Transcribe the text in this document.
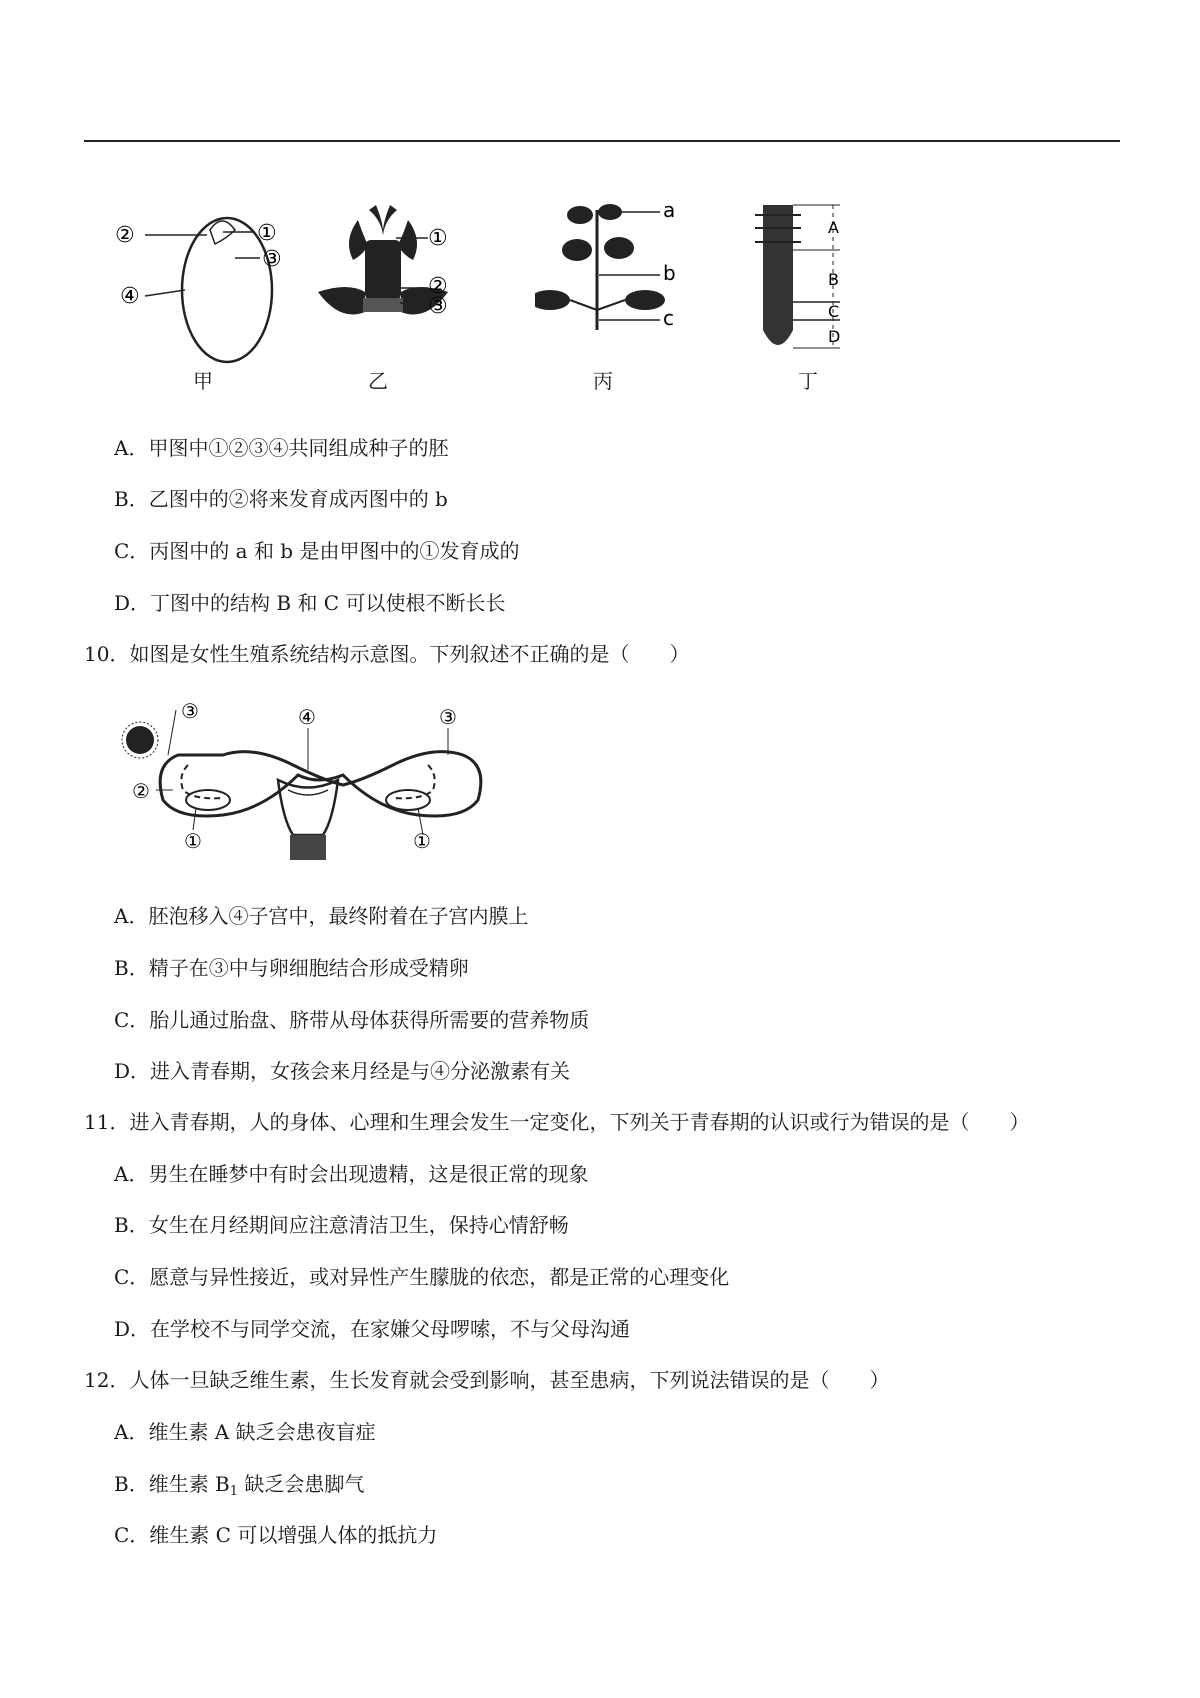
②	①
③
④
甲
①
②
③
乙
a
b
c
丙
A
B
C
D
丁
A．甲图中①②③④共同组成种子的胚
B．乙图中的②将来发育成丙图中的 b
C．丙图中的 a 和 b 是由甲图中的①发育成的
D．丁图中的结构 B 和 C 可以使根不断长长
10．如图是女性生殖系统结构示意图。下列叙述不正确的是（　　）
③	④	③
②
①	①
A．胚泡移入④子宫中，最终附着在子宫内膜上
B．精子在③中与卵细胞结合形成受精卵
C．胎儿通过胎盘、脐带从母体获得所需要的营养物质
D．进入青春期，女孩会来月经是与④分泌激素有关
11．进入青春期，人的身体、心理和生理会发生一定变化，下列关于青春期的认识或行为错误的是（　　）
A．男生在睡梦中有时会出现遗精，这是很正常的现象
B．女生在月经期间应注意清洁卫生，保持心情舒畅
C．愿意与异性接近，或对异性产生朦胧的依恋，都是正常的心理变化
D．在学校不与同学交流，在家嫌父母啰嗦，不与父母沟通
12．人体一旦缺乏维生素，生长发育就会受到影响，甚至患病，下列说法错误的是（　　）
A．维生素 A 缺乏会患夜盲症
B．维生素 $B_1$ 缺乏会患脚气
C．维生素 C 可以增强人体的抵抗力
